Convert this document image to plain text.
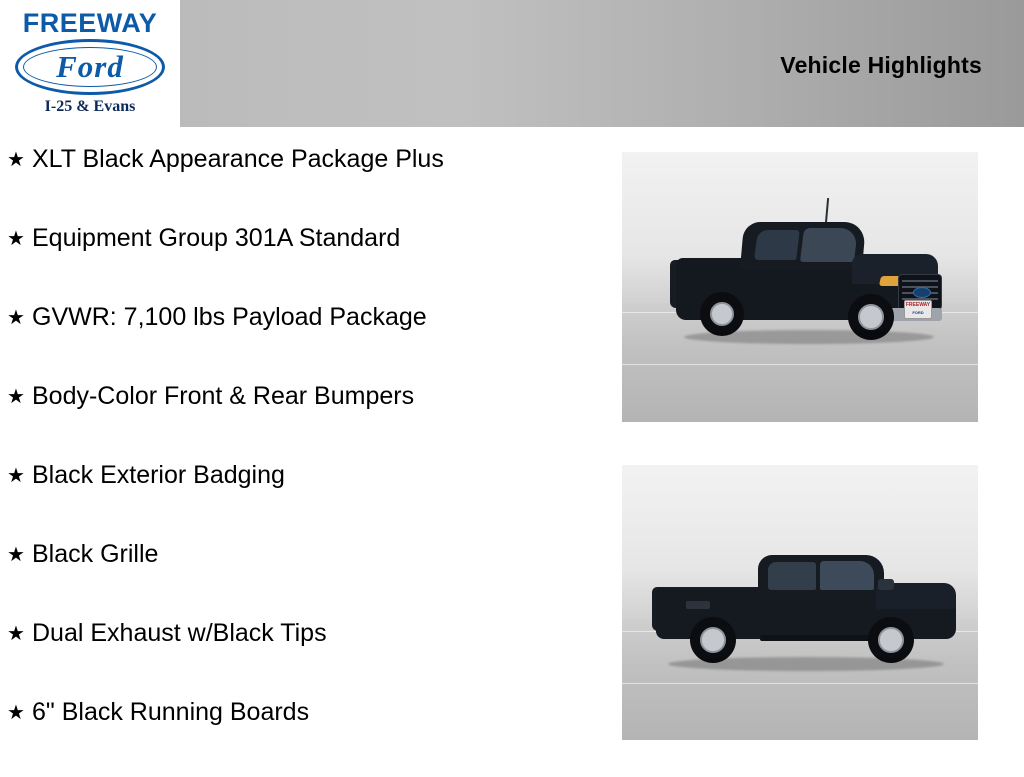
FREEWAY
Ford
I-25 & Evans
Vehicle Highlights
★ XLT Black Appearance Package Plus
★ Equipment Group 301A Standard
★ GVWR: 7,100 lbs Payload Package
★ Body-Color Front & Rear Bumpers
★ Black Exterior Badging
★ Black Grille
★ Dual Exhaust w/Black Tips
★ 6" Black Running Boards
FREEWAY
FORD
